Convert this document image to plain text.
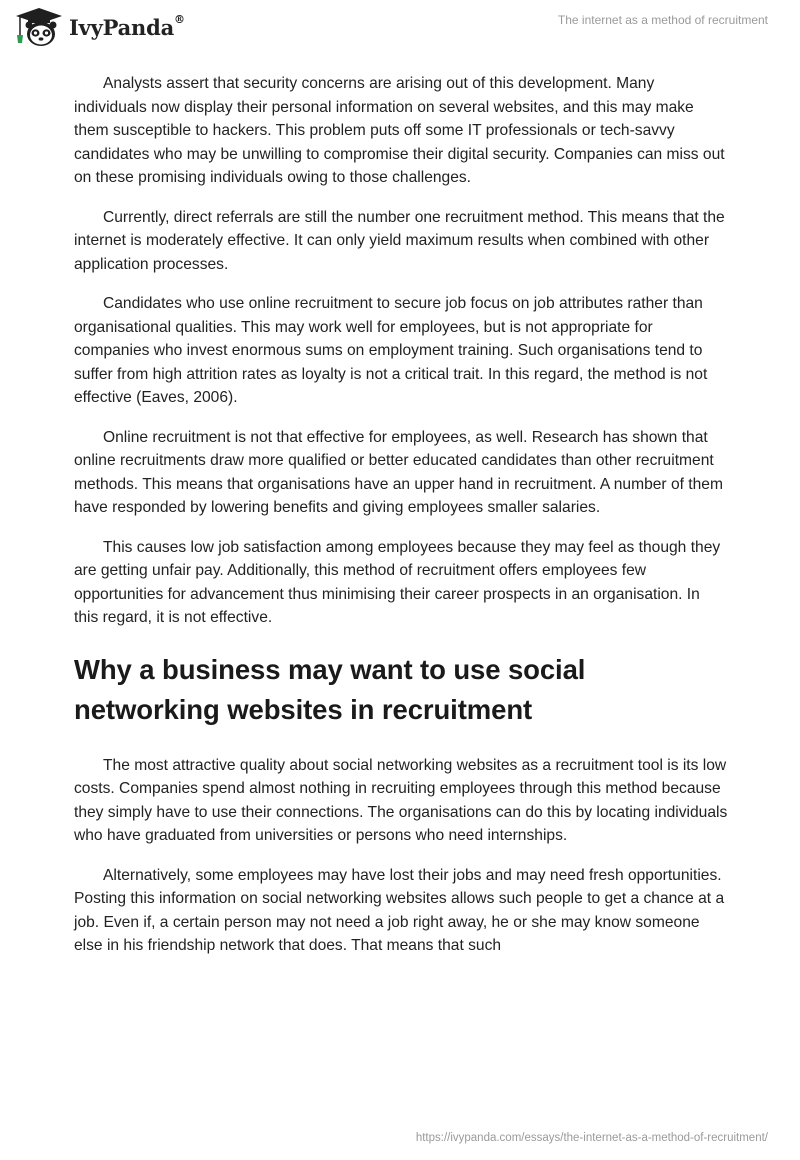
IvyPanda®	The internet as a method of recruitment

Analysts assert that security concerns are arising out of this development. Many individuals now display their personal information on several websites, and this may make them susceptible to hackers. This problem puts off some IT professionals or tech-savvy candidates who may be unwilling to compromise their digital security. Companies can miss out on these promising individuals owing to those challenges.

Currently, direct referrals are still the number one recruitment method. This means that the internet is moderately effective. It can only yield maximum results when combined with other application processes.

Candidates who use online recruitment to secure job focus on job attributes rather than organisational qualities. This may work well for employees, but is not appropriate for companies who invest enormous sums on employment training. Such organisations tend to suffer from high attrition rates as loyalty is not a critical trait. In this regard, the method is not effective (Eaves, 2006).

Online recruitment is not that effective for employees, as well. Research has shown that online recruitments draw more qualified or better educated candidates than other recruitment methods. This means that organisations have an upper hand in recruitment. A number of them have responded by lowering benefits and giving employees smaller salaries.

This causes low job satisfaction among employees because they may feel as though they are getting unfair pay. Additionally, this method of recruitment offers employees few opportunities for advancement thus minimising their career prospects in an organisation. In this regard, it is not effective.

Why a business may want to use social networking websites in recruitment

The most attractive quality about social networking websites as a recruitment tool is its low costs. Companies spend almost nothing in recruiting employees through this method because they simply have to use their connections. The organisations can do this by locating individuals who have graduated from universities or persons who need internships.

Alternatively, some employees may have lost their jobs and may need fresh opportunities. Posting this information on social networking websites allows such people to get a chance at a job. Even if, a certain person may not need a job right away, he or she may know someone else in his friendship network that does. That means that such

https://ivypanda.com/essays/the-internet-as-a-method-of-recruitment/
